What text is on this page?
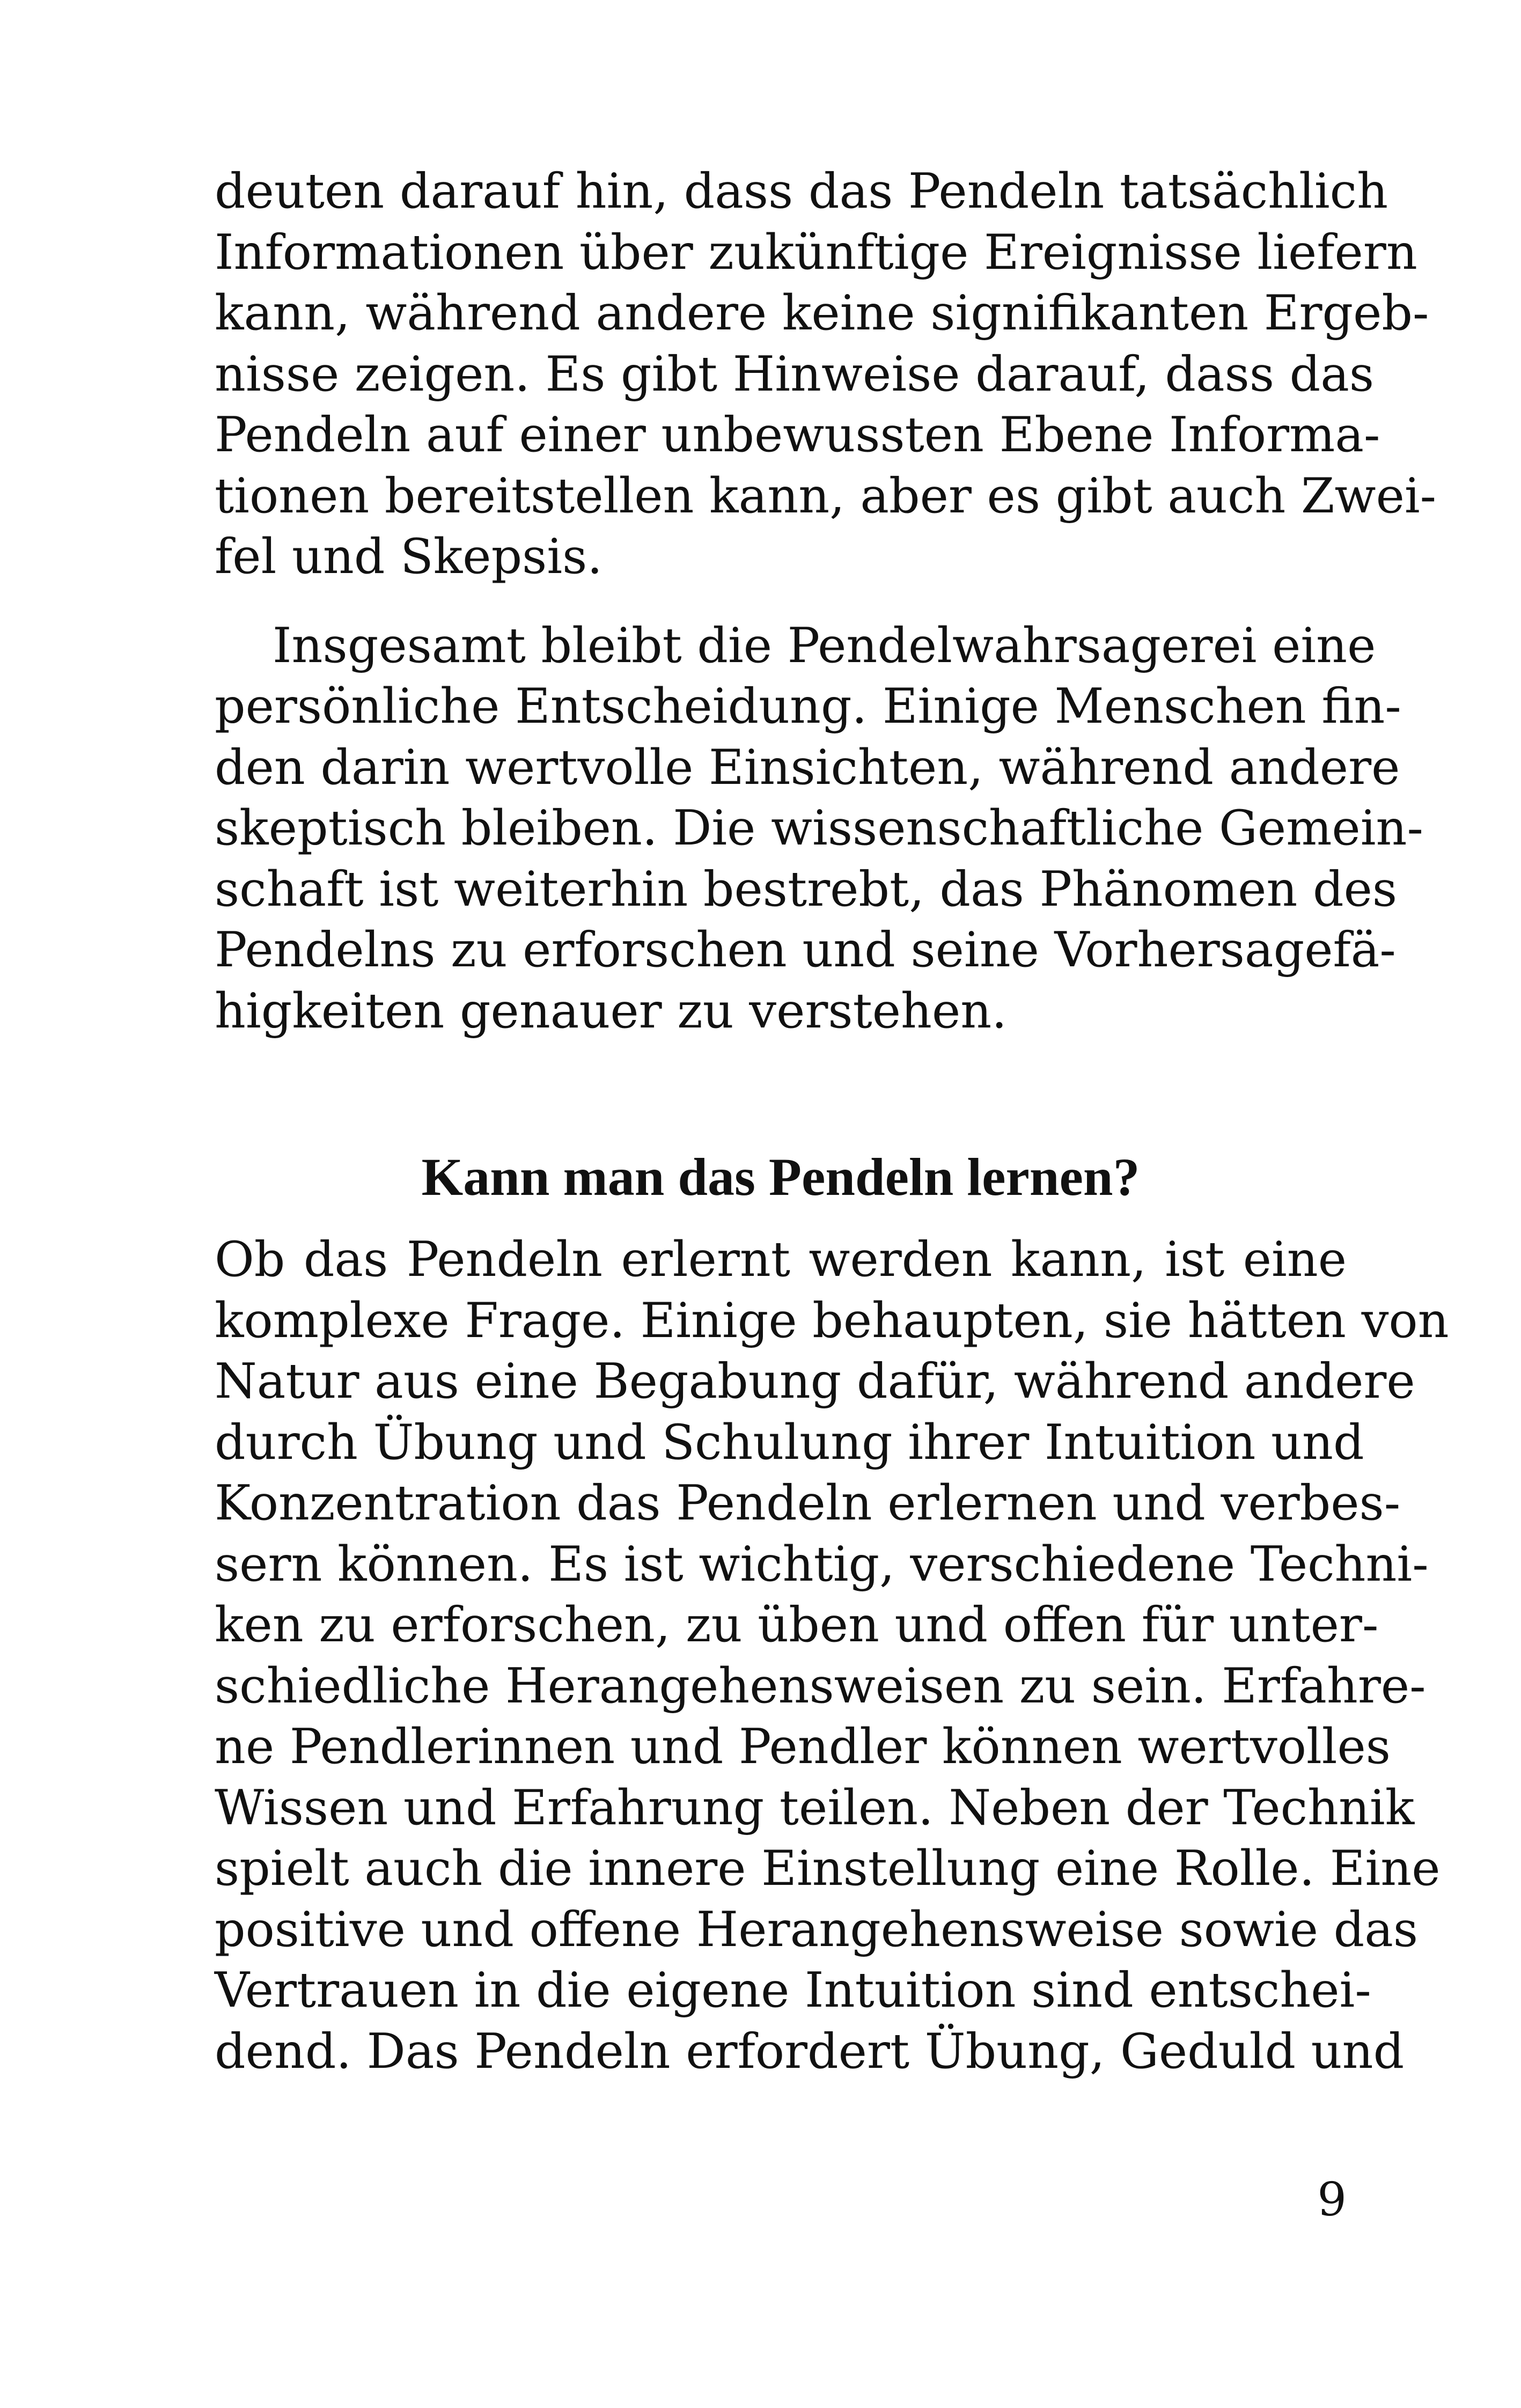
deuten darauf hin, dass das Pendeln tatsächlich
Informationen über zukünftige Ereignisse liefern
kann, während andere keine signifikanten Ergeb-
nisse zeigen. Es gibt Hinweise darauf, dass das
Pendeln auf einer unbewussten Ebene Informa-
tionen bereitstellen kann, aber es gibt auch Zwei-
fel und Skepsis.
Insgesamt bleibt die Pendelwahrsagerei eine
persönliche Entscheidung. Einige Menschen fin-
den darin wertvolle Einsichten, während andere
skeptisch bleiben. Die wissenschaftliche Gemein-
schaft ist weiterhin bestrebt, das Phänomen des
Pendelns zu erforschen und seine Vorhersagefä-
higkeiten genauer zu verstehen.
Kann man das Pendeln lernen?
Ob das Pendeln erlernt werden kann, ist eine
komplexe Frage. Einige behaupten, sie hätten von
Natur aus eine Begabung dafür, während andere
durch Übung und Schulung ihrer Intuition und
Konzentration das Pendeln erlernen und verbes-
sern können. Es ist wichtig, verschiedene Techni-
ken zu erforschen, zu üben und offen für unter-
schiedliche Herangehensweisen zu sein. Erfahre-
ne Pendlerinnen und Pendler können wertvolles
Wissen und Erfahrung teilen. Neben der Technik
spielt auch die innere Einstellung eine Rolle. Eine
positive und offene Herangehensweise sowie das
Vertrauen in die eigene Intuition sind entschei-
dend. Das Pendeln erfordert Übung, Geduld und
9
